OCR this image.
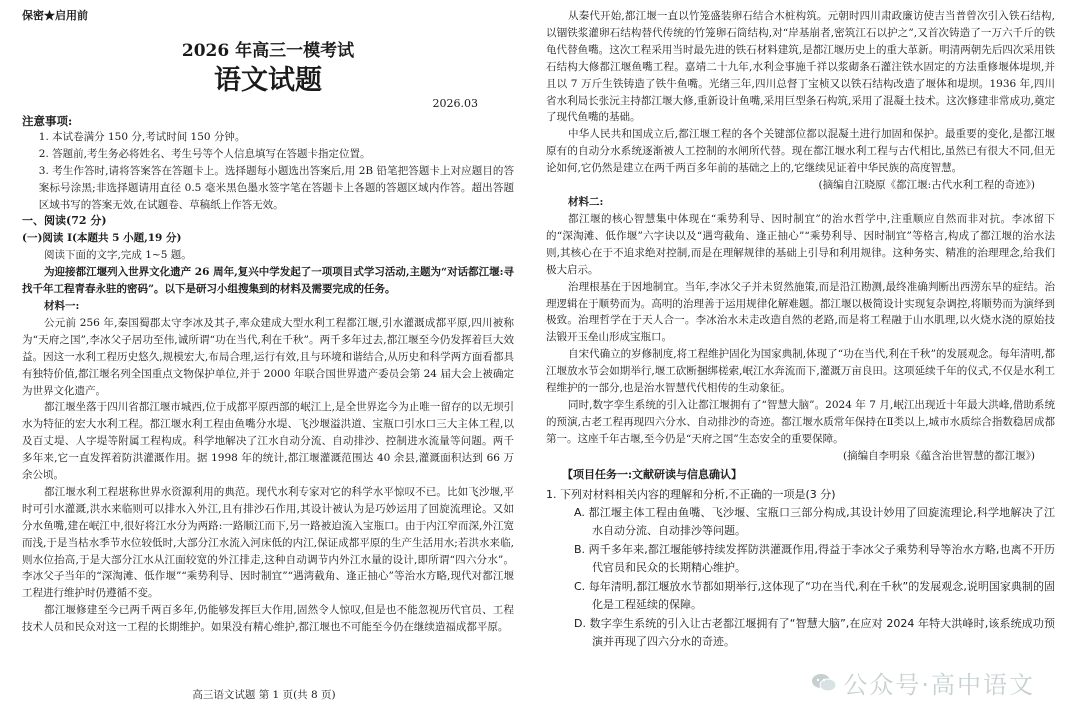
保密★启用前

2026 年高三一模考试
语文试题
2026.03
注意事项:

1. 本试卷满分 150 分,考试时间 150 分钟。

2. 答题前,考生务必将姓名、考生号等个人信息填写在答题卡指定位置。

3. 考生作答时,请将答案答在答题卡上。选择题每小题选出答案后,用 2B 铅笔把答题卡上对应题目的答案标号涂黑;非选择题请用直径 0.5 毫米黑色墨水签字笔在答题卡上各题的答题区域内作答。超出答题区域书写的答案无效,在试题卷、草稿纸上作答无效。

一、阅读(72 分)

(一)阅读 I(本题共 5 小题,19 分)

阅读下面的文字,完成 1~5 题。

为迎接都江堰列入世界文化遗产 26 周年,复兴中学发起了一项项目式学习活动,主题为“对话都江堰:寻找千年工程青春永驻的密码”。以下是研习小组搜集到的材料及需要完成的任务。

材料一:

公元前 256 年,秦国蜀郡太守李冰及其子,率众建成大型水利工程都江堰,引水灌溉成都平原,四川被称为“天府之国”,李冰父子居功至伟,诚所谓“功在当代,利在千秋”。两千多年过去,都江堰至今仍发挥着巨大效益。因这一水利工程历史悠久,规模宏大,布局合理,运行有效,且与环境和谐结合,从历史和科学两方面看都具有独特价值,都江堰名列全国重点文物保护单位,并于 2000 年联合国世界遗产委员会第 24 届大会上被确定为世界文化遗产。

都江堰坐落于四川省都江堰市城西,位于成都平原西部的岷江上,是全世界迄今为止唯一留存的以无坝引水为特征的宏大水利工程。都江堰水利工程由鱼嘴分水堤、飞沙堰溢洪道、宝瓶口引水口三大主体工程,以及百丈堤、人字堤等附属工程构成。科学地解决了江水自动分流、自动排沙、控制进水流量等问题。两千多年来,它一直发挥着防洪灌溉作用。据 1998 年的统计,都江堰灌溉范围达 40 余县,灌溉面积达到 66 万余公顷。

都江堰水利工程堪称世界水资源利用的典范。现代水利专家对它的科学水平惊叹不已。比如飞沙堰,平时可引水灌溉,洪水来临则可以排水入外江,且有排沙石作用,其设计被认为是巧妙运用了回旋流理论。又如分水鱼嘴,建在岷江中,很好将江水分为两路:一路顺江而下,另一路被迫流入宝瓶口。由于内江窄而深,外江宽而浅,于是当枯水季节水位较低时,大部分江水流入河床低的内江,保证成都平原的生产生活用水;若洪水来临,则水位抬高,于是大部分江水从江面较宽的外江排走,这种自动调节内外江水量的设计,即所谓“四六分水”。李冰父子当年的“深淘滩、低作堰”“乘势利导、因时制宜”“遇湾截角、逢正抽心”等治水方略,现代对都江堰工程进行维护时仍遵循不变。

都江堰修建至今已两千两百多年,仍能够发挥巨大作用,固然令人惊叹,但是也不能忽视历代官员、工程技术人员和民众对这一工程的长期维护。如果没有精心维护,都江堰也不可能至今仍在继续造福成都平原。

高三语文试题 第 1 页(共 8 页)

从秦代开始,都江堰一直以竹笼盛装卵石结合木桩构筑。元朝时四川肃政廉访使吉当普曾次引入铁石结构,以锢铁浆灌卵石结构替代传统的竹笼卵石筒结构,对“岸基崩者,密筑江石以护之”,又首次铸造了一万六千斤的铁龟代替鱼嘴。这次工程采用当时最先进的铁石材料建筑,是都江堰历史上的重大革新。明清两朝先后四次采用铁石结构大修都江堰鱼嘴工程。嘉靖二十九年,水利佥事施千祥以浆砌条石灌注铁水固定的方法重修堰体堤坝,并且以 7 万斤生铁铸造了铁牛鱼嘴。光绪三年,四川总督丁宝桢又以铁石结构改造了堰体和堤坝。1936 年,四川省水利局长张沅主持都江堰大修,重新设计鱼嘴,采用巨型条石构筑,采用了混凝土技术。这次修建非常成功,奠定了现代鱼嘴的基础。

中华人民共和国成立后,都江堰工程的各个关键部位都以混凝土进行加固和保护。最重要的变化,是都江堰原有的自动分水系统逐渐被人工控制的水闸所代替。现在都江堰水利工程与古代相比,虽然已有很大不同,但无论如何,它仍然是建立在两千两百多年前的基础之上的,它继续见证着中华民族的高度智慧。

(摘编自江晓原《都江堰:古代水利工程的奇迹》)

材料二:

都江堰的核心智慧集中体现在“乘势利导、因时制宜”的治水哲学中,注重顺应自然而非对抗。李冰留下的“深淘滩、低作堰”六字诀以及“遇弯截角、逢正抽心”“乘势利导、因时制宜”等格言,构成了都江堰的治水法则,其核心在于不追求绝对控制,而是在理解规律的基础上引导和利用规律。这种务实、精准的治理理念,给我们极大启示。

治理根基在于因地制宜。当年,李冰父子并未贸然施策,而是沿江勘测,最终准确判断出西涝东旱的症结。治理逻辑在于顺势而为。高明的治理善于运用规律化解难题。都江堰以极简设计实现复杂调控,将顺势而为演绎到极致。治理哲学在于天人合一。李冰治水未走改造自然的老路,而是将工程融于山水肌理,以火烧水浇的原始技法锻开玉垒山形成宝瓶口。

自宋代确立的岁修制度,将工程维护固化为国家典制,体现了“功在当代,利在千秋”的发展观念。每年清明,都江堰放水节会如期举行,堰工砍断捆绑槎索,岷江水奔流而下,灌溉万亩良田。这项延续千年的仪式,不仅是水利工程维护的一部分,也是治水智慧代代相传的生动象征。

同时,数字孪生系统的引入让都江堰拥有了“智慧大脑”。2024 年 7 月,岷江出现近十年最大洪峰,借助系统的预演,古老工程再现四六分水、自动排沙的奇迹。都江堰水质常年保持在Ⅱ类以上,城市水质综合指数稳居成都第一。这座千年古堰,至今仍是“天府之国”生态安全的重要保障。

(摘编自李明泉《蕴含治世智慧的都江堰》)

【项目任务一:文献研读与信息确认】

1. 下列对材料相关内容的理解和分析,不正确的一项是(3 分)

A. 都江堰主体工程由鱼嘴、飞沙堰、宝瓶口三部分构成,其设计妙用了回旋流理论,科学地解决了江水自动分流、自动排沙等问题。

B. 两千多年来,都江堰能够持续发挥防洪灌溉作用,得益于李冰父子乘势利导等治水方略,也离不开历代官员和民众的长期精心维护。

C. 每年清明,都江堰放水节都如期举行,这体现了“功在当代,利在千秋”的发展观念,说明国家典制的固化是工程延续的保障。

D. 数字孪生系统的引入让古老都江堰拥有了“智慧大脑”,在应对 2024 年特大洪峰时,该系统成功预演并再现了四六分水的奇迹。

公众号·高中语文
